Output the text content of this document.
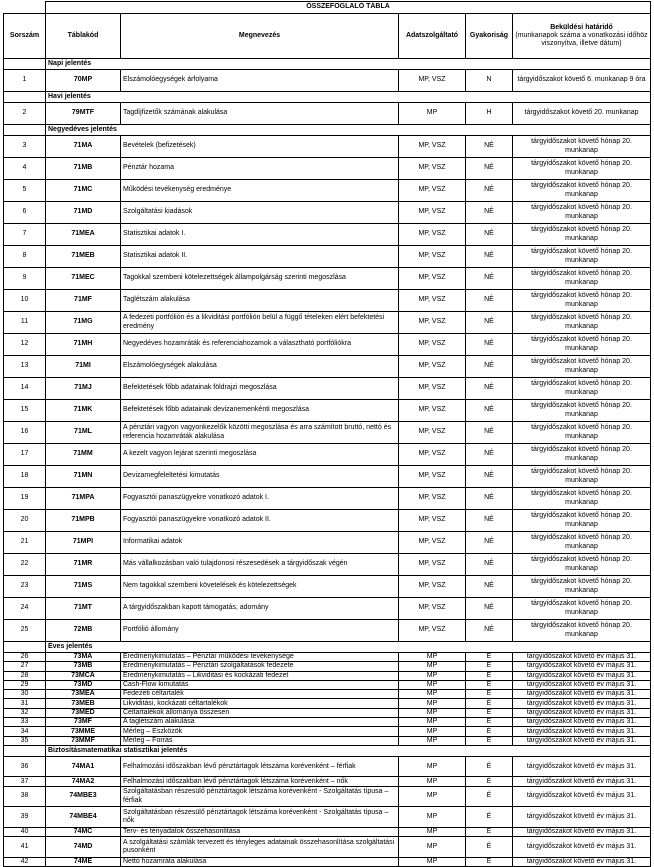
	ÖSSZEFOGLALÓ TÁBLA				
Sorszám	Táblakód	Megnevezés	Adatszolgáltató	Gyakoriság	Beküldési határidő
(munkanapok száma a vonatkozási időhöz viszonyítva, illetve dátum)

	Napi jelentés				
1	70MP	Elszámolóegységek árfolyama	MP, VSZ	N	tárgyidőszakot követő 6. munkanap 9 óra
	Havi jelentés				
2	79MTF	Tagdíjfizetők számának alakulása	MP	H	tárgyidőszakot követő 20. munkanap
	Negyedéves jelentés				
3	71MA	Bevételek (befizetések)	MP, VSZ	NÉ	tárgyidőszakot követő hónap 20. munkanap
4	71MB	Pénztár hozama	MP, VSZ	NÉ	tárgyidőszakot követő hónap 20. munkanap
5	71MC	Működési tevékenység eredménye	MP, VSZ	NÉ	tárgyidőszakot követő hónap 20. munkanap
6	71MD	Szolgáltatási kiadások	MP, VSZ	NÉ	tárgyidőszakot követő hónap 20. munkanap
7	71MEA	Statisztikai adatok I.	MP, VSZ	NÉ	tárgyidőszakot követő hónap 20. munkanap
8	71MEB	Statisztikai adatok II.	MP, VSZ	NÉ	tárgyidőszakot követő hónap 20. munkanap
9	71MEC	Tagokkal szembeni kötelezettségek állampolgárság szerinti megoszlása	MP, VSZ	NÉ	tárgyidőszakot követő hónap 20. munkanap
10	71MF	Taglétszám alakulása	MP, VSZ	NÉ	tárgyidőszakot követő hónap 20. munkanap
11	71MG	A fedezeti portfólión és a likviditási portfólión belül a függő tételeken elért befektetési eredmény	MP, VSZ	NÉ	tárgyidőszakot követő hónap 20. munkanap
12	71MH	Negyedéves hozamráták és referenciahozamok a választható portfóliókra	MP, VSZ	NÉ	tárgyidőszakot követő hónap 20. munkanap
13	71MI	Elszámolóegységek alakulása	MP, VSZ	NÉ	tárgyidőszakot követő hónap 20. munkanap
14	71MJ	Befektetések főbb adatainak földrajzi megoszlása	MP, VSZ	NÉ	tárgyidőszakot követő hónap 20. munkanap
15	71MK	Befektetések főbb adatainak devizanemenkénti megoszlása	MP, VSZ	NÉ	tárgyidőszakot követő hónap 20. munkanap
16	71ML	A pénztári vagyon vagyonkezelők közötti megoszlása és arra számított bruttó, nettó és referencia hozamráták alakulása	MP, VSZ	NÉ	tárgyidőszakot követő hónap 20. munkanap
17	71MM	A kezelt vagyon lejárat szerinti megoszlása	MP, VSZ	NÉ	tárgyidőszakot követő hónap 20. munkanap
18	71MN	Devizamegfeleltetési kimutatás	MP, VSZ	NÉ	tárgyidőszakot követő hónap 20. munkanap
19	71MPA	Fogyasztói panaszügyekre vonatkozó adatok I.	MP, VSZ	NÉ	tárgyidőszakot követő hónap 20. munkanap
20	71MPB	Fogyasztói panaszügyekre vonatkozó adatok II.	MP, VSZ	NÉ	tárgyidőszakot követő hónap 20. munkanap
21	71MPI	Informatikai adatok	MP, VSZ	NÉ	tárgyidőszakot követő hónap 20. munkanap
22	71MR	Más vállalkozásban való tulajdonosi részesedések a tárgyidőszak végén	MP, VSZ	NÉ	tárgyidőszakot követő hónap 20. munkanap
23	71MS	Nem tagokkal szembeni követelések és kötelezettségek	MP, VSZ	NÉ	tárgyidőszakot követő hónap 20. munkanap
24	71MT	A tárgyidőszakban kapott támogatás, adomány	MP, VSZ	NÉ	tárgyidőszakot követő hónap 20. munkanap
25	72MB	Portfólió állomány	MP, VSZ	NÉ	tárgyidőszakot követő hónap 20. munkanap
	Éves jelentés				
26	73MA	Eredménykimutatás – Pénztár működési tevékenysége	MP	É	tárgyidőszakot követő év május 31.
27	73MB	Eredménykimutatás – Pénztári szolgáltatások fedezete	MP	É	tárgyidőszakot követő év május 31.
28	73MCA	Eredménykimutatás – Likviditási és kockázati fedezet	MP	É	tárgyidőszakot követő év május 31.
29	73MD	Cash-Flow kimutatás	MP	É	tárgyidőszakot követő év május 31.
30	73MEA	Fedezeti céltartalék	MP	É	tárgyidőszakot követő év május 31.
31	73MEB	Likviditási, kockázati céltartalékok	MP	É	tárgyidőszakot követő év május 31.
32	73MED	Céltartalékok állománya összesen	MP	É	tárgyidőszakot követő év május 31.
33	73MF	A taglétszám alakulása	MP	É	tárgyidőszakot követő év május 31.
34	73MME	Mérleg – Eszközök	MP	É	tárgyidőszakot követő év május 31.
35	73MMF	Mérleg – Forrás	MP	É	tárgyidőszakot követő év május 31.
	Biztosításmatematikai statisztikai jelentés				
36	74MA1	Felhalmozási időszakban lévő pénztártagok létszáma korévenként – férfiak	MP	É	tárgyidőszakot követő év május 31.
37	74MA2	Felhalmozási időszakban lévő pénztártagok létszáma korévenként – nők	MP	É	tárgyidőszakot követő év május 31.
38	74MBE3	Szolgáltatásban részesülő pénztártagok létszáma korévenként - Szolgáltatás típusa – férfiak	MP	É	tárgyidőszakot követő év május 31.
39	74MBE4	Szolgáltatásban részesülő pénztártagok létszáma korévenként - Szolgáltatás típusa – nők	MP	É	tárgyidőszakot követő év május 31.
40	74MC	Terv- és tényadatok összehasonlítása	MP	É	tárgyidőszakot követő év május 31.
41	74MD	A szolgáltatási számlák tervezett és tényleges adatainak összehasonlítása szolgáltatási pusonként	MP	É	tárgyidőszakot követő év május 31.
42	74ME	Nettó hozamráta alakulása	MP	É	tárgyidőszakot követő év május 31.
